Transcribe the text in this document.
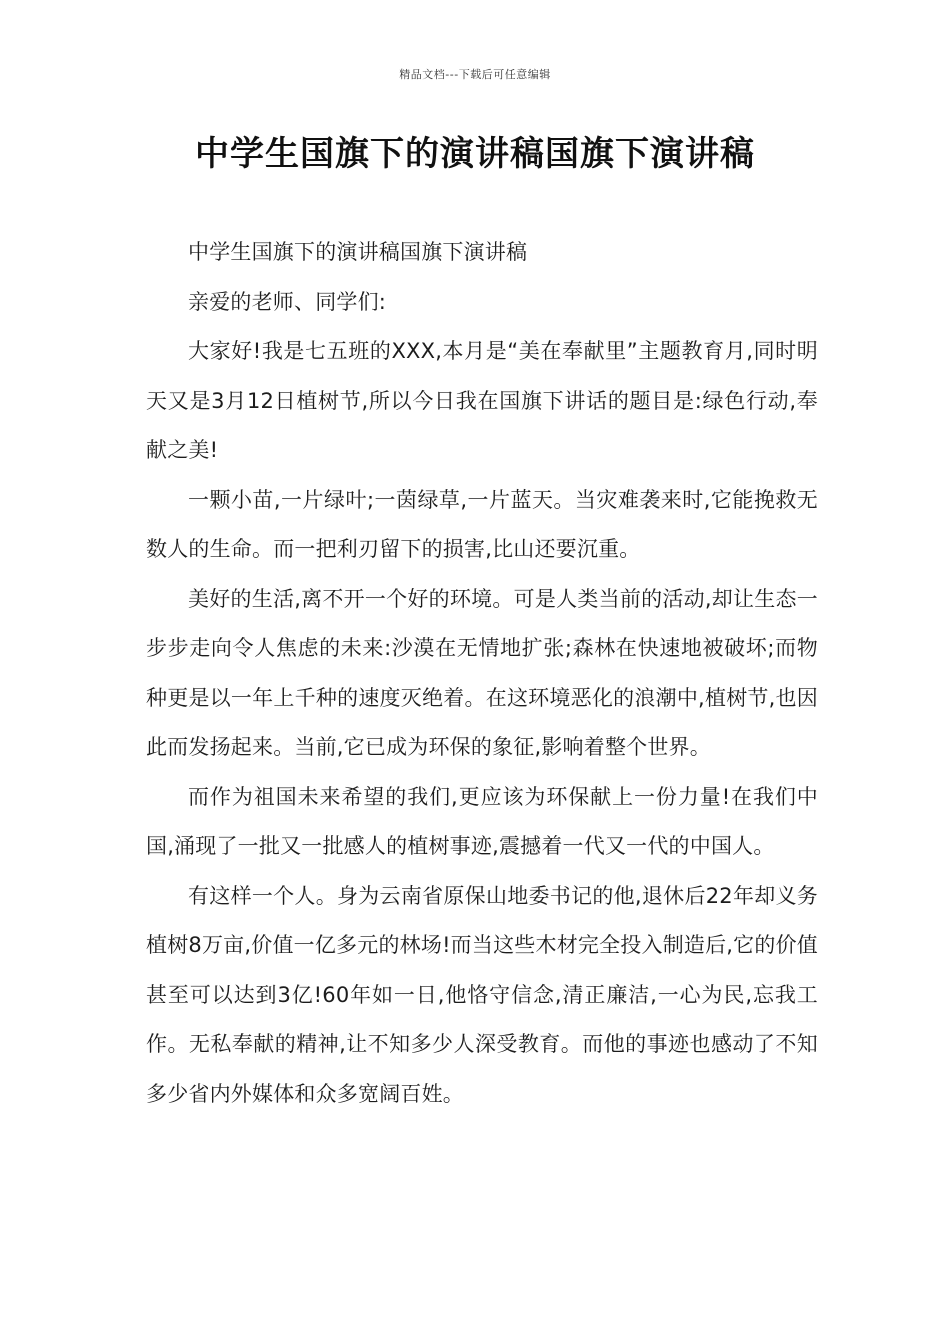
精品文档---下载后可任意编辑
中学生国旗下的演讲稿国旗下演讲稿

中学生国旗下的演讲稿国旗下演讲稿

亲爱的老师、同学们:

大家好!我是七五班的XXX,本月是“美在奉献里”主题教育月,同时明天又是3月12日植树节,所以今日我在国旗下讲话的题目是:绿色行动,奉献之美!

一颗小苗,一片绿叶;一茵绿草,一片蓝天。当灾难袭来时,它能挽救无数人的生命。而一把利刃留下的损害,比山还要沉重。

美好的生活,离不开一个好的环境。可是人类当前的活动,却让生态一步步走向令人焦虑的未来:沙漠在无情地扩张;森林在快速地被破坏;而物种更是以一年上千种的速度灭绝着。在这环境恶化的浪潮中,植树节,也因此而发扬起来。当前,它已成为环保的象征,影响着整个世界。

而作为祖国未来希望的我们,更应该为环保献上一份力量!在我们中国,涌现了一批又一批感人的植树事迹,震撼着一代又一代的中国人。

有这样一个人。身为云南省原保山地委书记的他,退休后22年却义务植树8万亩,价值一亿多元的林场!而当这些木材完全投入制造后,它的价值甚至可以达到3亿!60年如一日,他恪守信念,清正廉洁,一心为民,忘我工作。无私奉献的精神,让不知多少人深受教育。而他的事迹也感动了不知多少省内外媒体和众多宽阔百姓。
